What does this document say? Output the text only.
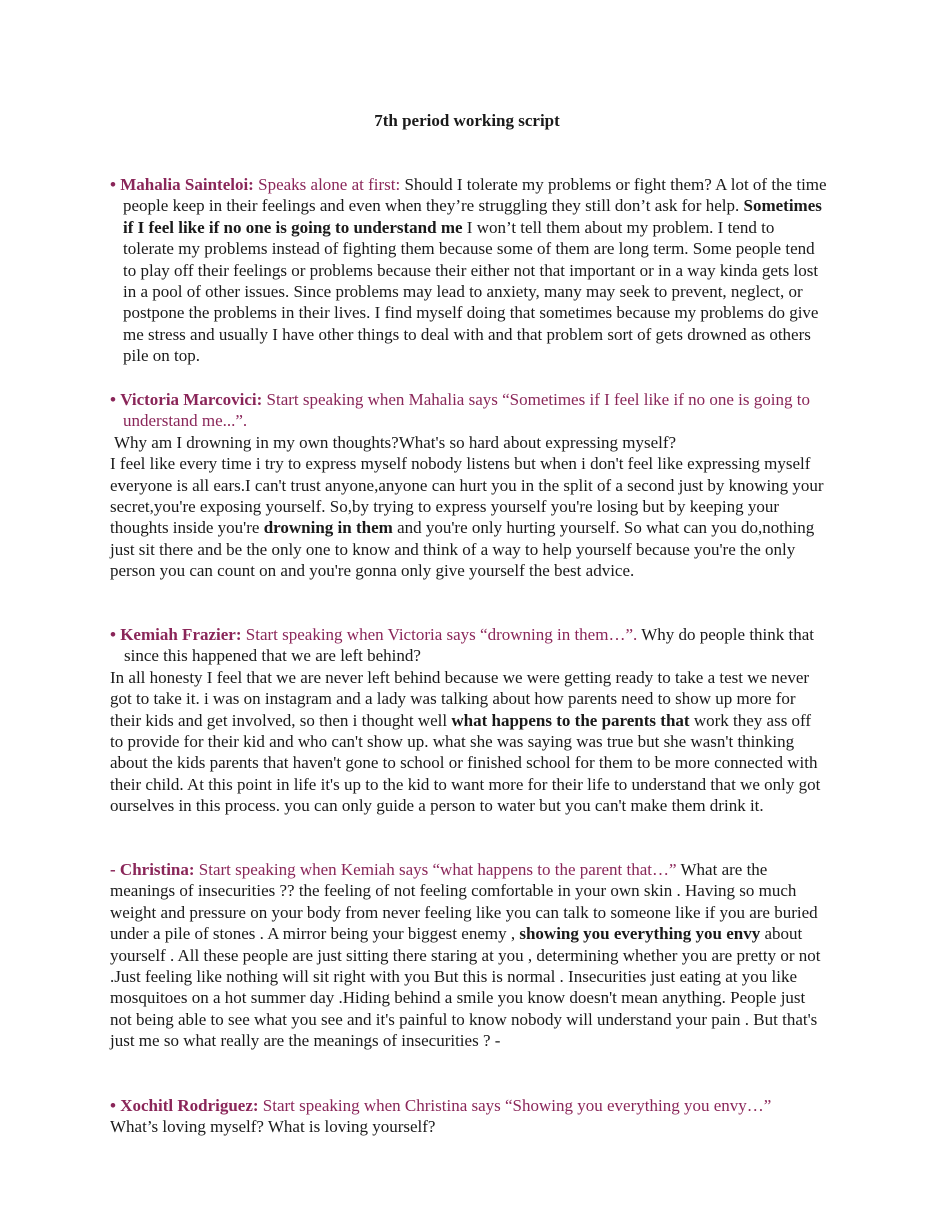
7th period working script

• Mahalia Sainteloi: Speaks alone at first: Should I tolerate my problems or fight them? A lot of the time people keep in their feelings and even when they’re struggling they still don’t ask for help. Sometimes if I feel like if no one is going to understand me I won’t tell them about my problem. I tend to tolerate my problems instead of fighting them because some of them are long term. Some people tend to play off their feelings or problems because their either not that important or in a way kinda gets lost in a pool of other issues. Since problems may lead to anxiety, many may seek to prevent, neglect, or postpone the problems in their lives. I find myself doing that sometimes because my problems do give me stress and usually I have other things to deal with and that problem sort of gets drowned as others pile on top.

• Victoria Marcovici: Start speaking when Mahalia says “Sometimes if I feel like if no one is going to understand me...”.

Why am I drowning in my own thoughts?What's so hard about expressing myself?

I feel like every time i try to express myself nobody listens but when i don't feel like expressing myself everyone is all ears.I can't trust anyone,anyone can hurt you in the split of a second just by knowing your secret,you're exposing yourself. So,by trying to express yourself you're losing but by keeping your thoughts inside you're drowning in them and you're only hurting yourself. So what can you do,nothing just sit there and be the only one to know and think of a way to help yourself because you're the only person you can count on and you're gonna only give yourself the best advice.

• Kemiah Frazier: Start speaking when Victoria says “drowning in them…”. Why do people think that since this happened that we are left behind?

In all honesty I feel that we are never left behind because we were getting ready to take a test we never got to take it. i was on instagram and a lady was talking about how parents need to show up more for their kids and get involved, so then i thought well what happens to the parents that work they ass off to provide for their kid and who can't show up. what she was saying was true but she wasn't thinking about the kids parents that haven't gone to school or finished school for them to be more connected with their child. At this point in life it's up to the kid to want more for their life to understand that we only got ourselves in this process. you can only guide a person to water but you can't make them drink it.

- Christina: Start speaking when Kemiah says “what happens to the parent that…” What are the meanings of insecurities ?? the feeling of not feeling comfortable in your own skin . Having so much weight and pressure on your body from never feeling like you can talk to someone like if you are buried under a pile of stones . A mirror being your biggest enemy , showing you everything you envy about yourself . All these people are just sitting there staring at you , determining whether you are pretty or not .Just feeling like nothing will sit right with you But this is normal . Insecurities just eating at you like mosquitoes on a hot summer day .Hiding behind a smile you know doesn't mean anything. People just not being able to see what you see and it's painful to know nobody will understand your pain . But that's just me so what really are the meanings of insecurities ? -

• Xochitl Rodriguez: Start speaking when Christina says “Showing you everything you envy…”
What’s loving myself? What is loving yourself?
